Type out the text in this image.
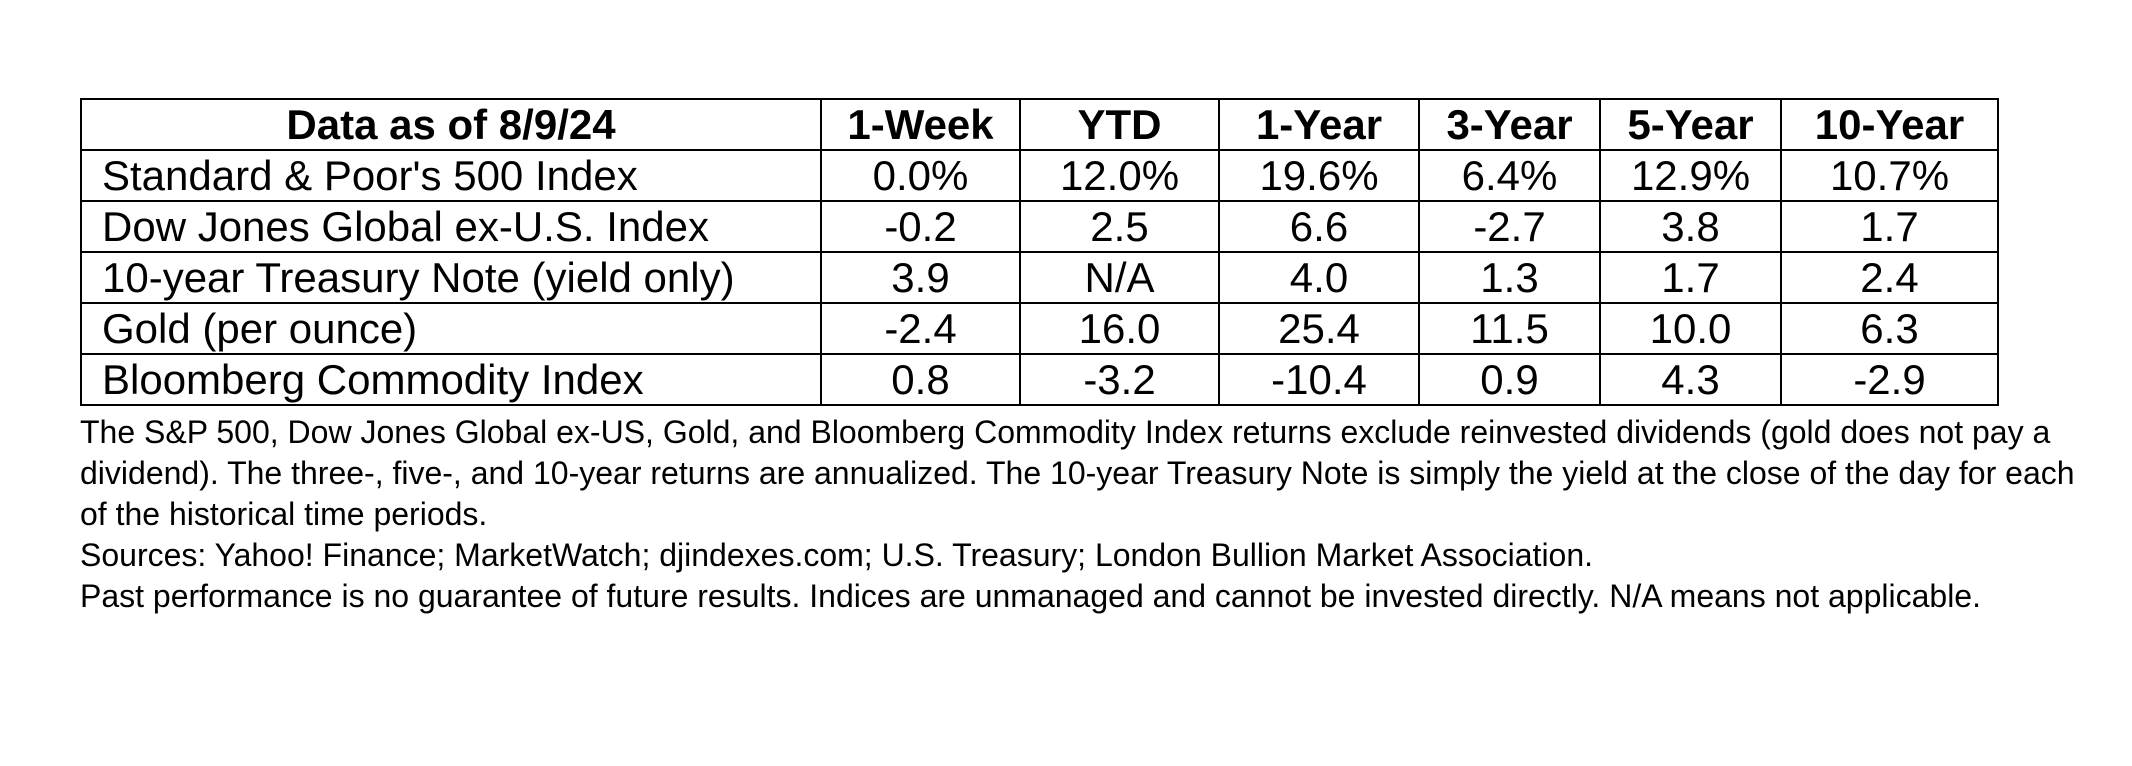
Data as of 8/9/24	1-Week	YTD	1-Year	3-Year	5-Year	10-Year
Standard & Poor's 500 Index	0.0%	12.0%	19.6%	6.4%	12.9%	10.7%
Dow Jones Global ex-U.S. Index	-0.2	2.5	6.6	-2.7	3.8	1.7
10-year Treasury Note (yield only)	3.9	N/A	4.0	1.3	1.7	2.4
Gold (per ounce)	-2.4	16.0	25.4	11.5	10.0	6.3
Bloomberg Commodity Index	0.8	-3.2	-10.4	0.9	4.3	-2.9

The S&P 500, Dow Jones Global ex-US, Gold, and Bloomberg Commodity Index returns exclude reinvested dividends (gold does not pay a dividend). The three-, five-, and 10-year returns are annualized. The 10-year Treasury Note is simply the yield at the close of the day for each of the historical time periods.

Sources: Yahoo! Finance; MarketWatch; djindexes.com; U.S. Treasury; London Bullion Market Association.

Past performance is no guarantee of future results. Indices are unmanaged and cannot be invested directly. N/A means not applicable.
